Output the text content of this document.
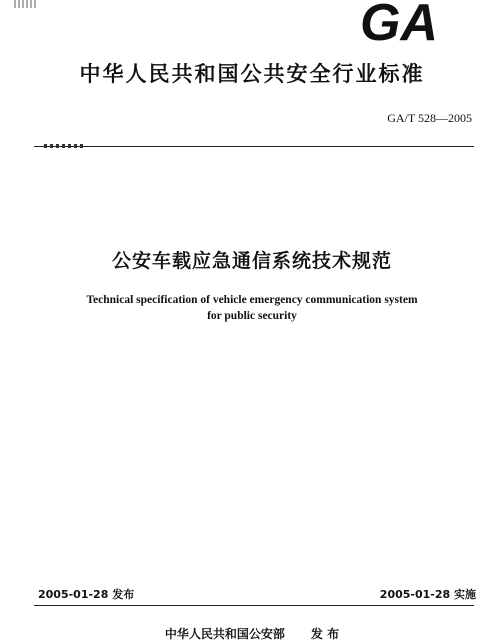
GA
中华人民共和国公共安全行业标准
GA/T 528—2005
公安车载应急通信系统技术规范
Technical specification of vehicle emergency communication system
for public security
2005-01-28 发布	2005-01-28 实施
中华人民共和国公安部 发 布
